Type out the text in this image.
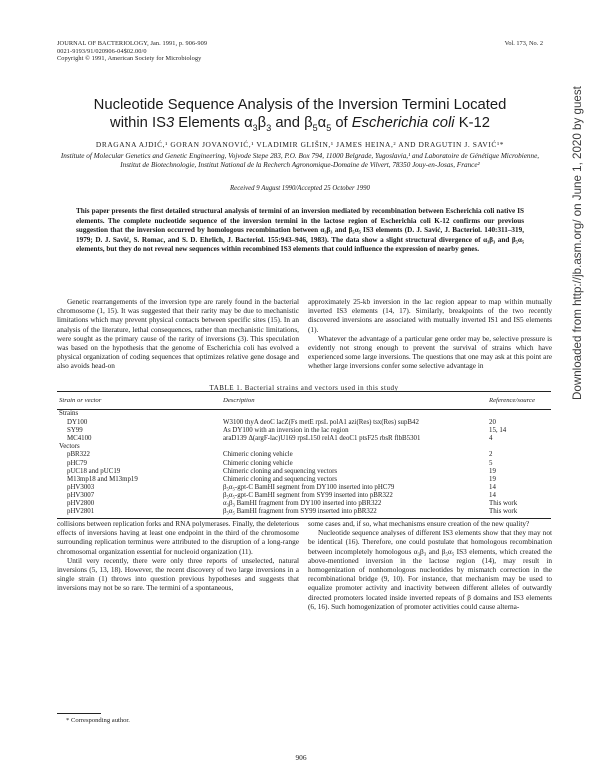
JOURNAL OF BACTERIOLOGY, Jan. 1991, p. 906-909
0021-9193/91/020906-04$02.00/0
Copyright © 1991, American Society for Microbiology
Vol. 173, No. 2
Nucleotide Sequence Analysis of the Inversion Termini Located
within IS3 Elements $\alpha_3\beta_3$ and $\beta_5\alpha_5$ of Escherichia coli K-12
DRAGANA AJDIĆ,¹ GORAN JOVANOVIĆ,¹ VLADIMIR GLIŠIN,¹ JAMES HEINA,² AND DRAGUTIN J. SAVIĆ¹*
Institute of Molecular Genetics and Genetic Engineering, Vojvode Stepe 283, P.O. Box 794, 11000 Belgrade, Yugoslavia,¹ and Laboratoire de Génétique Microbienne, Institut de Biotechnologie, Institut National de la Recherch Agronomique-Domaine de Vilvert, 78350 Jouy-en-Josas, France²
Received 9 August 1990/Accepted 25 October 1990
This paper presents the first detailed structural analysis of termini of an inversion mediated by recombination between Escherichia coli native IS elements. The complete nucleotide sequence of the inversion termini in the lactose region of Escherichia coli K-12 confirms our previous suggestion that the inversion occurred by homologous recombination between α₃β₃ and β₅α₅ IS3 elements (D. J. Savić, J. Bacteriol. 140:311–319, 1979; D. J. Savić, S. Romac, and S. D. Ehrlich, J. Bacteriol. 155:943–946, 1983). The data show a slight structural divergence of α₃β₃ and β₅α₅ elements, but they do not reveal new sequences within recombined IS3 elements that could influence the expression of nearby genes.

Genetic rearrangements of the inversion type are rarely found in the bacterial chromosome (1, 15). It was suggested that their rarity may be due to mechanistic limitations which may prevent physical contacts between specific sites (15). In an analysis of the literature, lethal consequences, rather than mechanistic limitations, were sought as the primary cause of the rarity of inversions (3). This speculation was based on the hypothesis that the genome of Escherichia coli has evolved a physical organization of coding sequences that optimizes relative gene dosage and also avoids head-on

approximately 25-kb inversion in the lac region appear to map within mutually inverted IS3 elements (14, 17). Similarly, breakpoints of the two recently discovered inversions are associated with mutually inverted IS1 and IS5 elements (1).

Whatever the advantage of a particular gene order may be, selective pressure is evidently not strong enough to prevent the survival of strains which have experienced some large inversions. The questions that one may ask at this point are whether large inversions confer some selective advantage in

TABLE 1. Bacterial strains and vectors used in this study
Strain or vector	Description	Reference/source
Strains		
DY100	W3100 thyA deoC lacZ(Fs metE rpsL polA1 azi(Res) tsx(Res) supB42	20
SY99	As DY100 with an inversion in the lac region	15, 14
MC4100	araD139 Δ(argF-lac)U169 rpsL150 relA1 deoC1 ptsF25 rbsR flbB5301	4
Vectors		
pBR322	Chimeric cloning vehicle	2
pHC79	Chimeric cloning vehicle	5
pUC18 and pUC19	Chimeric cloning and sequencing vectors	19
M13mp18 and M13mp19	Chimeric cloning and sequencing vectors	19
pHV3003	β₅α₅-gpt-C BamHI segment from DY100 inserted into pHC79	14
pHV3007	β₅α₅-gpt-C BamHI segment from SY99 inserted into pBR322	14
pHV2800	α₃β₃ BamHI fragment from DY100 inserted into pBR322	This work
pHV2801	β₅α₅ BamHI fragment from SY99 inserted into pBR322	This work

collisions between replication forks and RNA polymerases. Finally, the deleterious effects of inversions having at least one endpoint in the third of the chromosome surrounding replication terminus were attributed to the disruption of a long-range chromosomal organization essential for nucleoid organization (11).

Until very recently, there were only three reports of unselected, natural inversions (5, 13, 18). However, the recent discovery of two large inversions in a single strain (1) throws into question previous hypotheses and suggests that inversions may not be so rare. The termini of a spontaneous,

some cases and, if so, what mechanisms ensure creation of the new quality?

Nucleotide sequence analyses of different IS3 elements show that they may not be identical (16). Therefore, one could postulate that homologous recombination between incompletely homologous α₃β₃ and β₅α₅ IS3 elements, which created the above-mentioned inversion in the lactose region (14), may result in homogenization of nonhomologous nucleotides by mismatch correction in the recombinational bridge (9, 10). For instance, that mechanism may be used to equalize promoter activity and inactivity between different alleles of outwardly directed promoters located inside inverted repeats of β domains and IS3 elements (6, 16). Such homogenization of promoter activities could cause alterna-

* Corresponding author.
906
Downloaded from http://jb.asm.org/ on June 1, 2020 by guest
